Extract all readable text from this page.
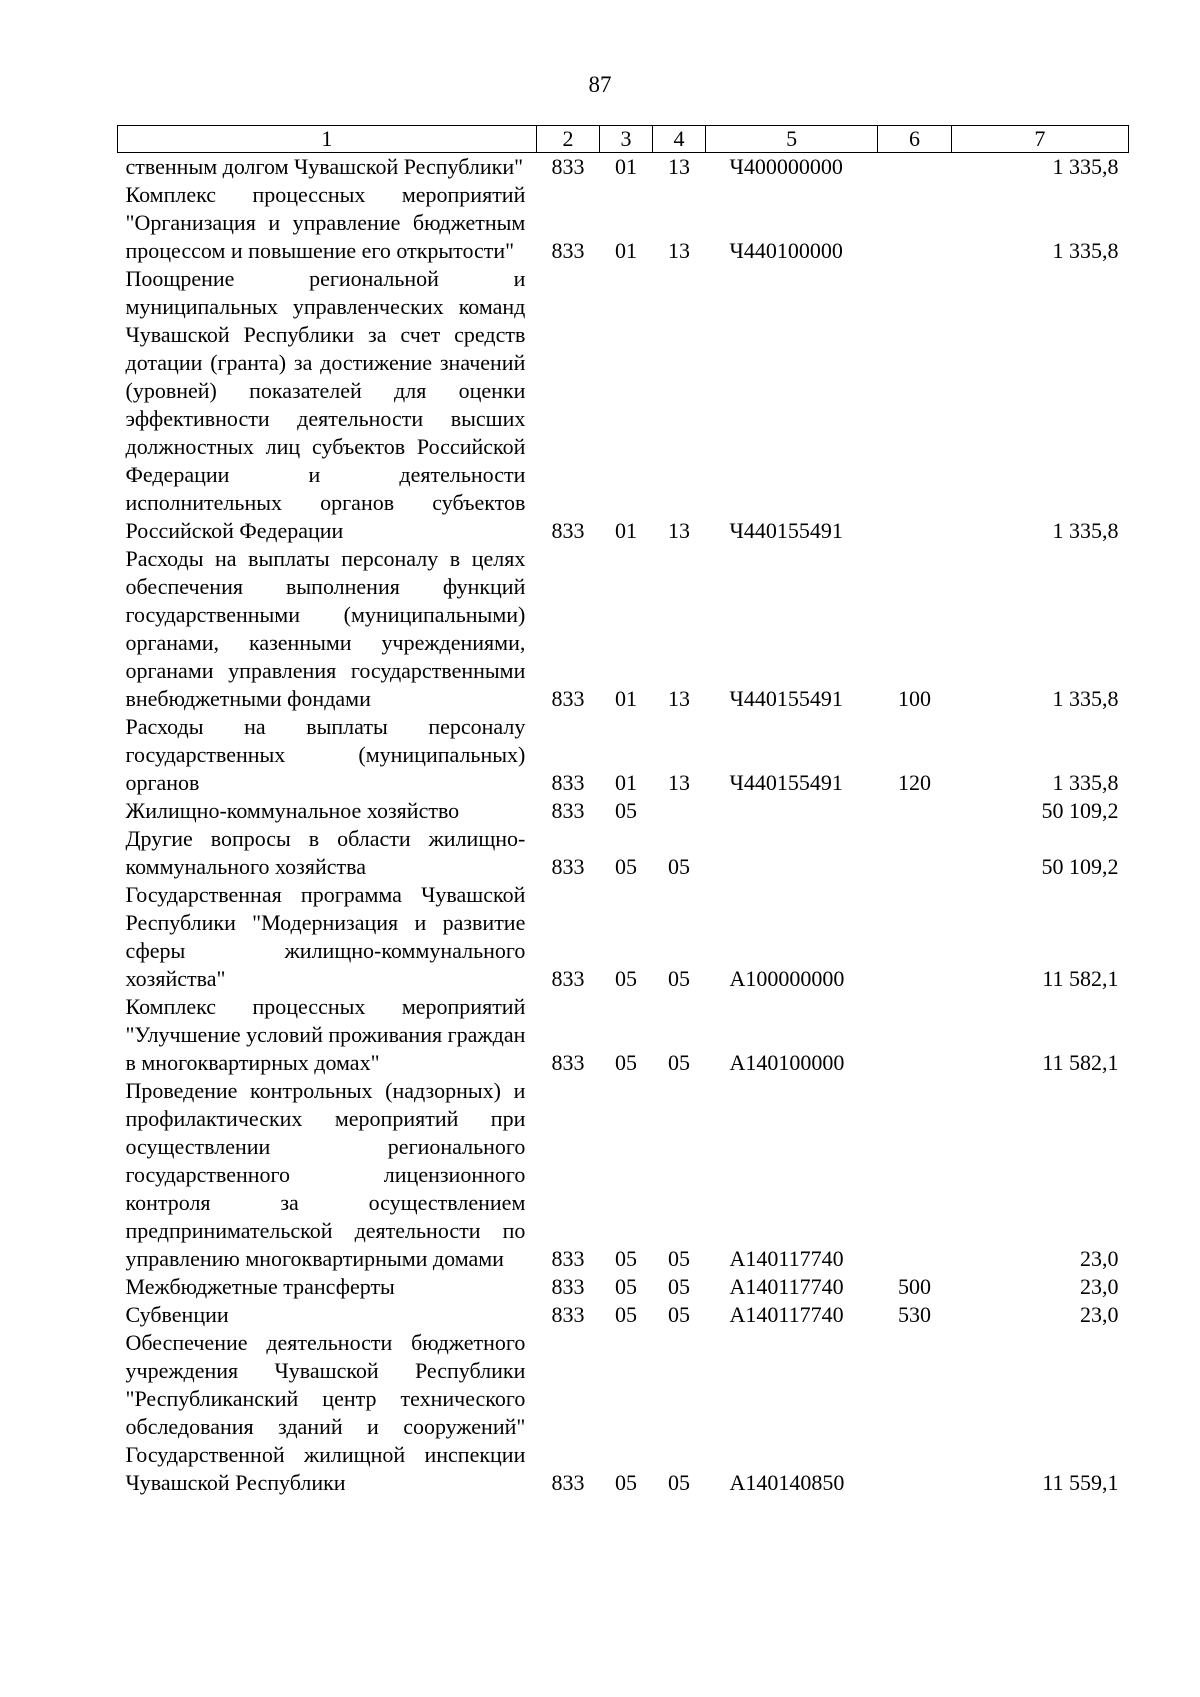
87
1	2	3	4	5	6	7
ственным долгом Чувашской Республики"	833	01	13	Ч400000000		1 335,8
Комплекс процессных мероприятий "Организация и управление бюджетным процессом и повышение его открытости"	833	01	13	Ч440100000		1 335,8
Поощрение региональной и муниципальных управленческих команд Чувашской Республики за счет средств дотации (гранта) за достижение значений (уровней) показателей для оценки эффективности деятельности высших должностных лиц субъектов Российской Федерации и деятельности исполнительных органов субъектов Российской Федерации	833	01	13	Ч440155491		1 335,8
Расходы на выплаты персоналу в целях обеспечения выполнения функций государственными (муниципальными) органами, казенными учреждениями, органами управления государственными внебюджетными фондами	833	01	13	Ч440155491	100	1 335,8
Расходы на выплаты персоналу государственных (муниципальных) органов	833	01	13	Ч440155491	120	1 335,8
Жилищно-коммунальное хозяйство	833	05				50 109,2
Другие вопросы в области жилищно-коммунального хозяйства	833	05	05			50 109,2
Государственная программа Чувашской Республики "Модернизация и развитие сферы жилищно-коммунального хозяйства"	833	05	05	А100000000		11 582,1
Комплекс процессных мероприятий "Улучшение условий проживания граждан в многоквартирных домах"	833	05	05	А140100000		11 582,1
Проведение контрольных (надзорных) и профилактических мероприятий при осуществлении регионального государственного лицензионного контроля за осуществлением предпринимательской деятельности по управлению многоквартирными домами	833	05	05	А140117740		23,0
Межбюджетные трансферты	833	05	05	А140117740	500	23,0
Субвенции	833	05	05	А140117740	530	23,0
Обеспечение деятельности бюджетного учреждения Чувашской Республики "Республиканский центр технического обследования зданий и сооружений" Государственной жилищной инспекции Чувашской Республики	833	05	05	А140140850		11 559,1
